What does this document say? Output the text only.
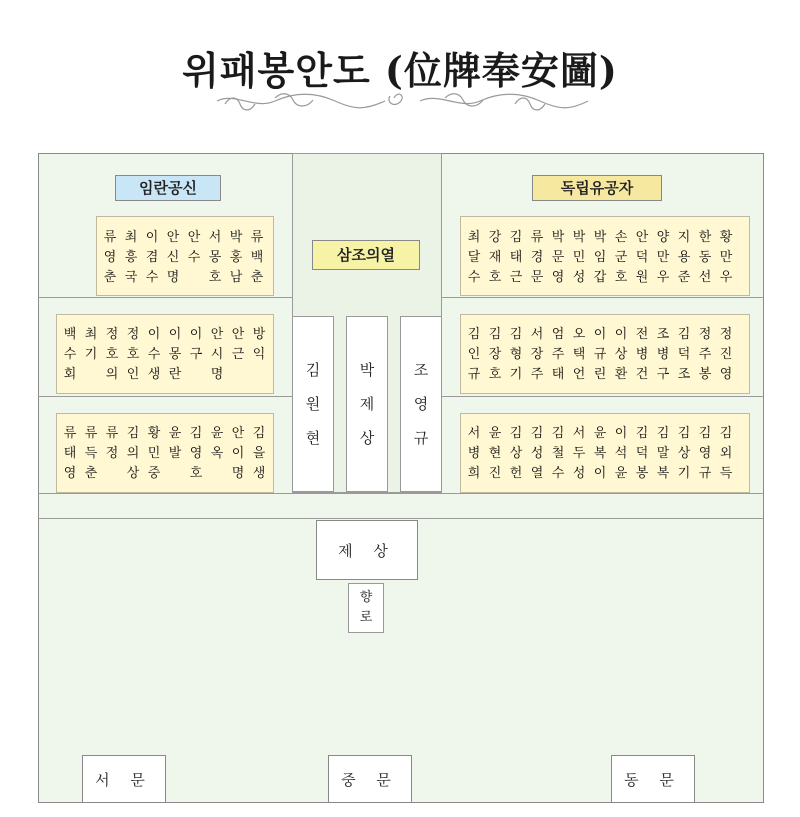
위패봉안도 (位牌奉安圖)
임란공신
삼조의열
독립유공자
류
영
춘
최
흥
국
이
겸
수
안
신
명
안
수
서
몽
호
박
홍
남
류
백
춘
백
수
회
최
기
정
호
의
정
호
인
이
수
생
이
몽
란
이
구
안
시
명
안
근
방
익
류
태
영
류
득
춘
류
정
김
의
상
황
민
중
윤
발
김
영
호
윤
옥
안
이
명
김
을
생
최
달
수
강
재
호
김
태
근
류
경
문
박
문
영
박
민
성
박
임
갑
손
군
호
안
덕
원
양
만
우
지
용
준
한
동
선
황
만
우
김
인
규
김
장
호
김
형
기
서
장
주
엄
주
태
오
택
언
이
규
린
이
상
환
전
병
건
조
병
구
김
덕
조
정
주
봉
정
진
영
서
병
희
윤
현
진
김
상
헌
김
성
열
김
철
수
서
두
성
윤
복
이
이
석
윤
김
덕
봉
김
말
복
김
상
기
김
영
규
김
외
득
김
원
현
박
제
상
조
영
규
제 상
향
로
서 문	중 문	동 문
